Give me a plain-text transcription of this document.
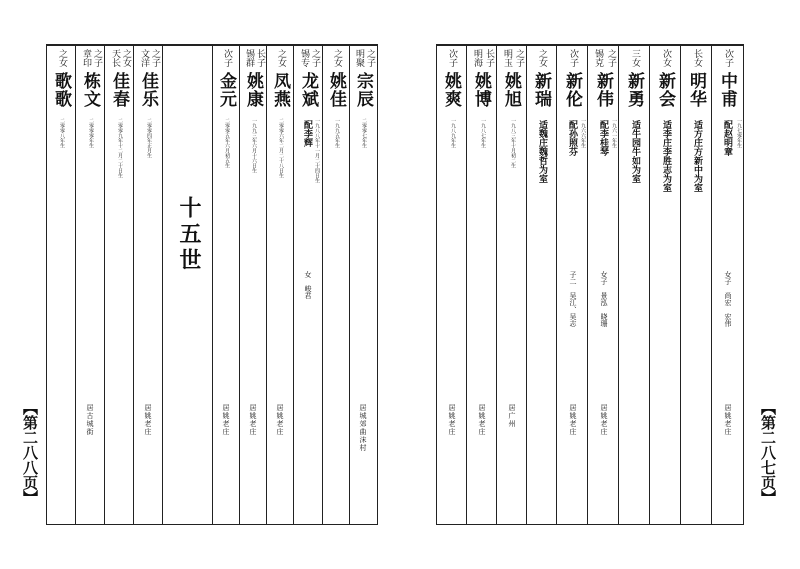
【第二八八页】
之女
歌歌
二零零八年生
之子
章印
栋文
二零零零年生
居古城街
之女
天长
佳春
二零零九年十二月二十日生
之子
文洋
佳乐
二零零四年正月生
居姚老庄
十五世
次子
金元
二零零五年六月初五生
居姚老庄
长子
锡群
姚康
一九九三年六月十六日生
居姚老庄
之女
凤燕
二零零六年二月二十八日生
居姚老庄
之子
锡专
龙斌
一九八八年十一月二十四日生
配李辉
女　峻君
之女
姚佳
一九九五年生
之子
明聚
宗辰
二零零七年生
居城郊曲沫村
次子
姚爽
一九八九年生
居姚老庄
长子
明海
姚博
一九八七年生
居姚老庄
之子
明玉
姚旭
一九八三年十月初二生
居广州
之女
新瑞
适魏庄魏哲为室
次子
新伦
一九六六年生
配孙照芬
子二　吴江、吴志
居姚老庄
之子
锡克
新伟
一九六一年生
配李桂琴
女子　景泓　晓珊
居姚老庄
三女
新勇
适牛园牛如为室
次女
新会
适李庄李胜志为室
长女
明华
适方庄方新中为室
次子
中甫
一九七零年生
配赵明章
女子　尚宏　宏伟
居姚老庄 【第二八七页】
